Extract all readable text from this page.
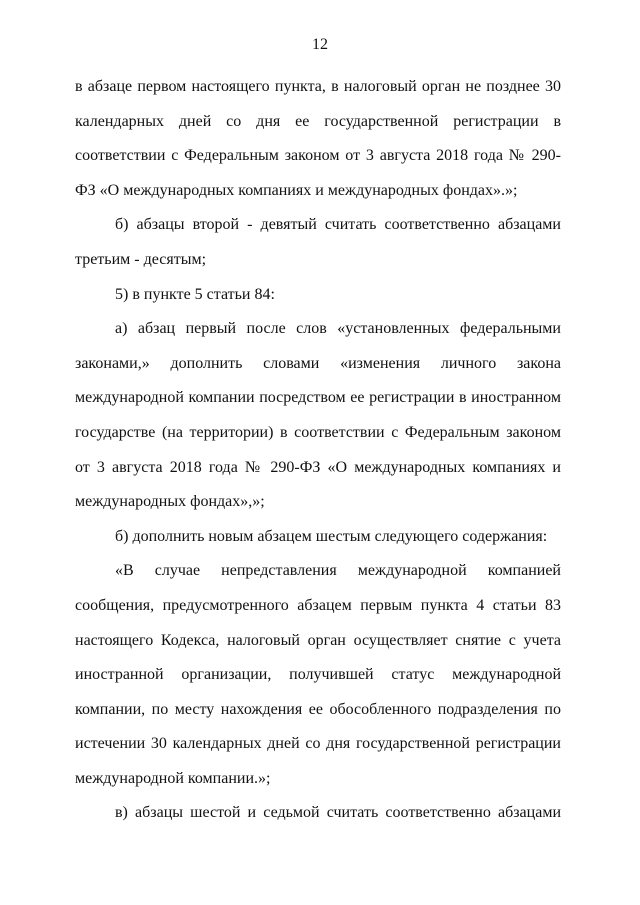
12

в абзаце первом настоящего пункта, в налоговый орган не позднее 30 календарных дней со дня ее государственной регистрации в соответствии с Федеральным законом от 3 августа 2018 года № 290-ФЗ «О международных компаниях и международных фондах».»;

б) абзацы второй - девятый считать соответственно абзацами третьим - десятым;

5) в пункте 5 статьи 84:

а) абзац первый после слов «установленных федеральными законами,» дополнить словами «изменения личного закона международной компании посредством ее регистрации в иностранном государстве (на территории) в соответствии с Федеральным законом от 3 августа 2018 года № 290-ФЗ «О международных компаниях и международных фондах»,»;

б) дополнить новым абзацем шестым следующего содержания:

«В случае непредставления международной компанией сообщения, предусмотренного абзацем первым пункта 4 статьи 83 настоящего Кодекса, налоговый орган осуществляет снятие с учета иностранной организации, получившей статус международной компании, по месту нахождения ее обособленного подразделения по истечении 30 календарных дней со дня государственной регистрации международной компании.»;

в) абзацы шестой и седьмой считать соответственно абзацами
